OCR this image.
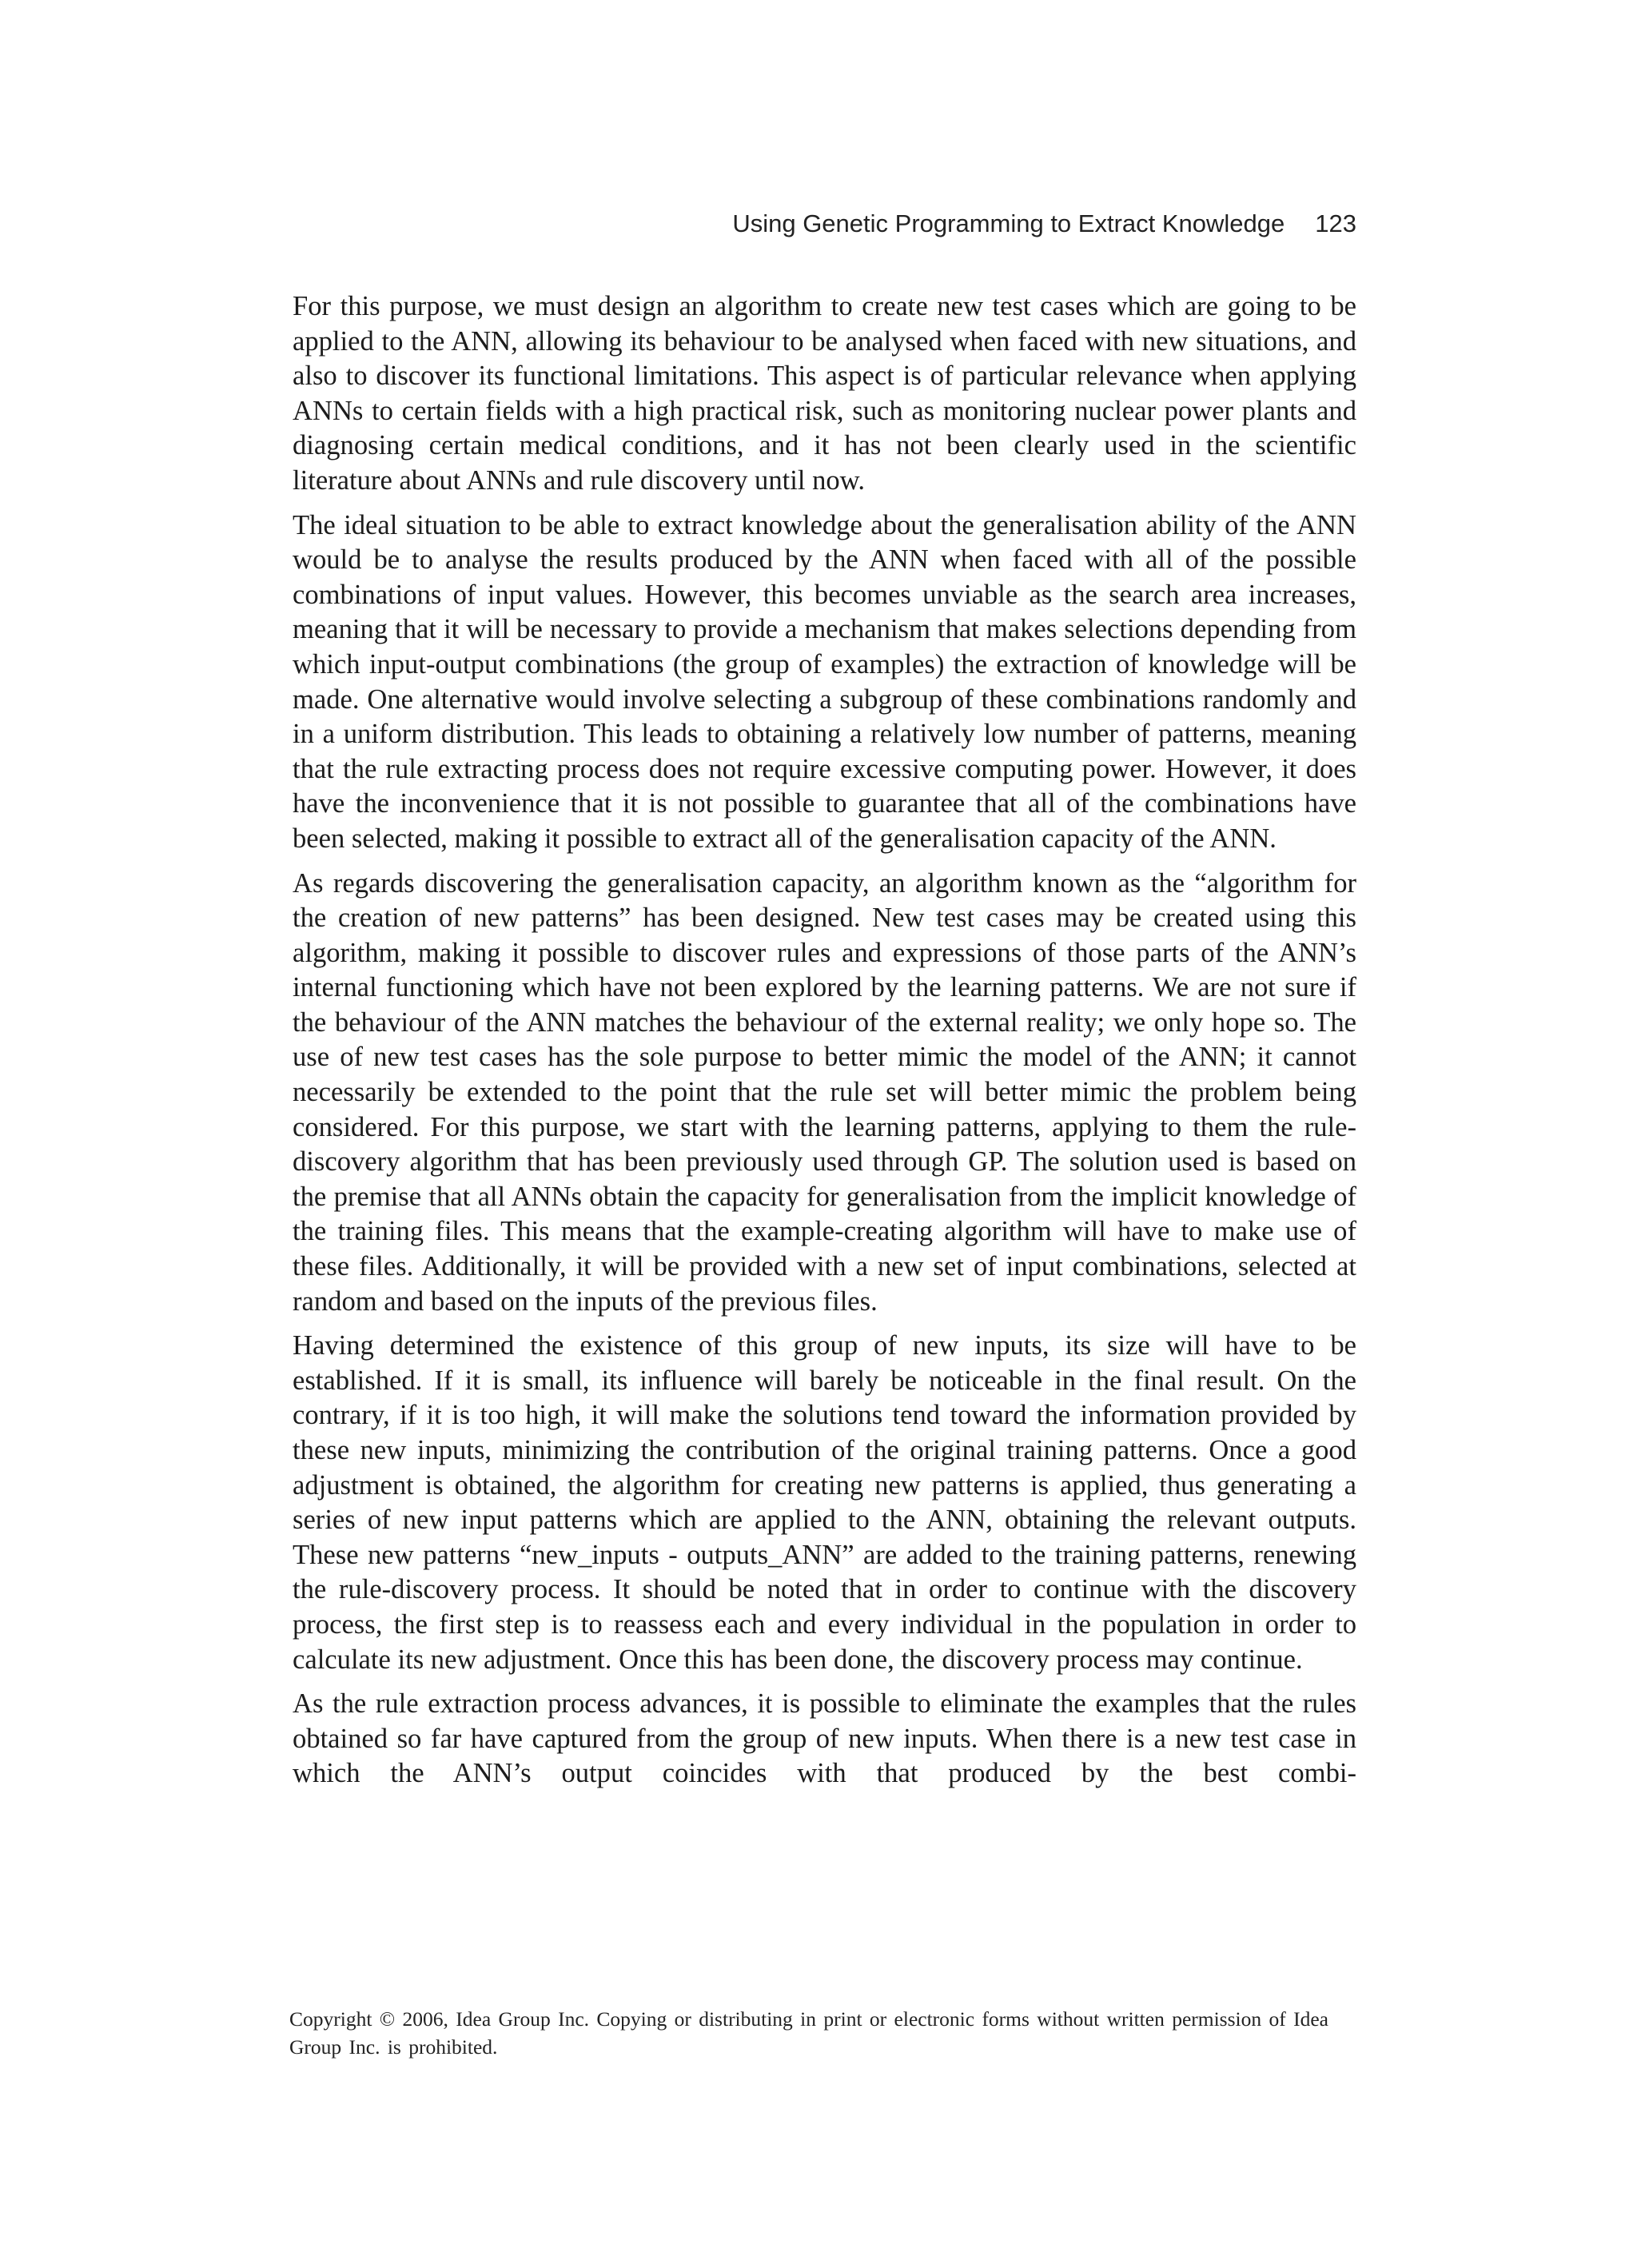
Using Genetic Programming to Extract Knowledge 123

For this purpose, we must design an algorithm to create new test cases which are going to be applied to the ANN, allowing its behaviour to be analysed when faced with new situations, and also to discover its functional limitations. This aspect is of particular relevance when applying ANNs to certain fields with a high practical risk, such as monitoring nuclear power plants and diagnosing certain medical conditions, and it has not been clearly used in the scientific literature about ANNs and rule discovery until now.

The ideal situation to be able to extract knowledge about the generalisation ability of the ANN would be to analyse the results produced by the ANN when faced with all of the possible combinations of input values. However, this becomes unviable as the search area increases, meaning that it will be necessary to provide a mechanism that makes selections depending from which input-output combinations (the group of examples) the extraction of knowledge will be made. One alternative would involve selecting a subgroup of these combinations randomly and in a uniform distribution. This leads to obtaining a relatively low number of patterns, meaning that the rule extracting process does not require excessive computing power. However, it does have the inconvenience that it is not possible to guarantee that all of the combinations have been selected, making it possible to extract all of the generalisation capacity of the ANN.

As regards discovering the generalisation capacity, an algorithm known as the “algorithm for the creation of new patterns” has been designed. New test cases may be created using this algorithm, making it possible to discover rules and expressions of those parts of the ANN’s internal functioning which have not been explored by the learning patterns. We are not sure if the behaviour of the ANN matches the behaviour of the external reality; we only hope so. The use of new test cases has the sole purpose to better mimic the model of the ANN; it cannot necessarily be extended to the point that the rule set will better mimic the problem being considered. For this purpose, we start with the learning patterns, applying to them the rule-discovery algorithm that has been previously used through GP. The solution used is based on the premise that all ANNs obtain the capacity for generalisation from the implicit knowledge of the training files. This means that the example-creating algorithm will have to make use of these files. Additionally, it will be provided with a new set of input combinations, selected at random and based on the inputs of the previous files.

Having determined the existence of this group of new inputs, its size will have to be established. If it is small, its influence will barely be noticeable in the final result. On the contrary, if it is too high, it will make the solutions tend toward the information provided by these new inputs, minimizing the contribution of the original training patterns. Once a good adjustment is obtained, the algorithm for creating new patterns is applied, thus generating a series of new input patterns which are applied to the ANN, obtaining the relevant outputs. These new patterns “new_inputs - outputs_ANN” are added to the training patterns, renewing the rule-discovery process. It should be noted that in order to continue with the discovery process, the first step is to reassess each and every individual in the population in order to calculate its new adjustment. Once this has been done, the discovery process may continue.

As the rule extraction process advances, it is possible to eliminate the examples that the rules obtained so far have captured from the group of new inputs. When there is a new test case in which the ANN’s output coincides with that produced by the best combi-

Copyright © 2006, Idea Group Inc. Copying or distributing in print or electronic forms without written permission of Idea Group Inc. is prohibited.
